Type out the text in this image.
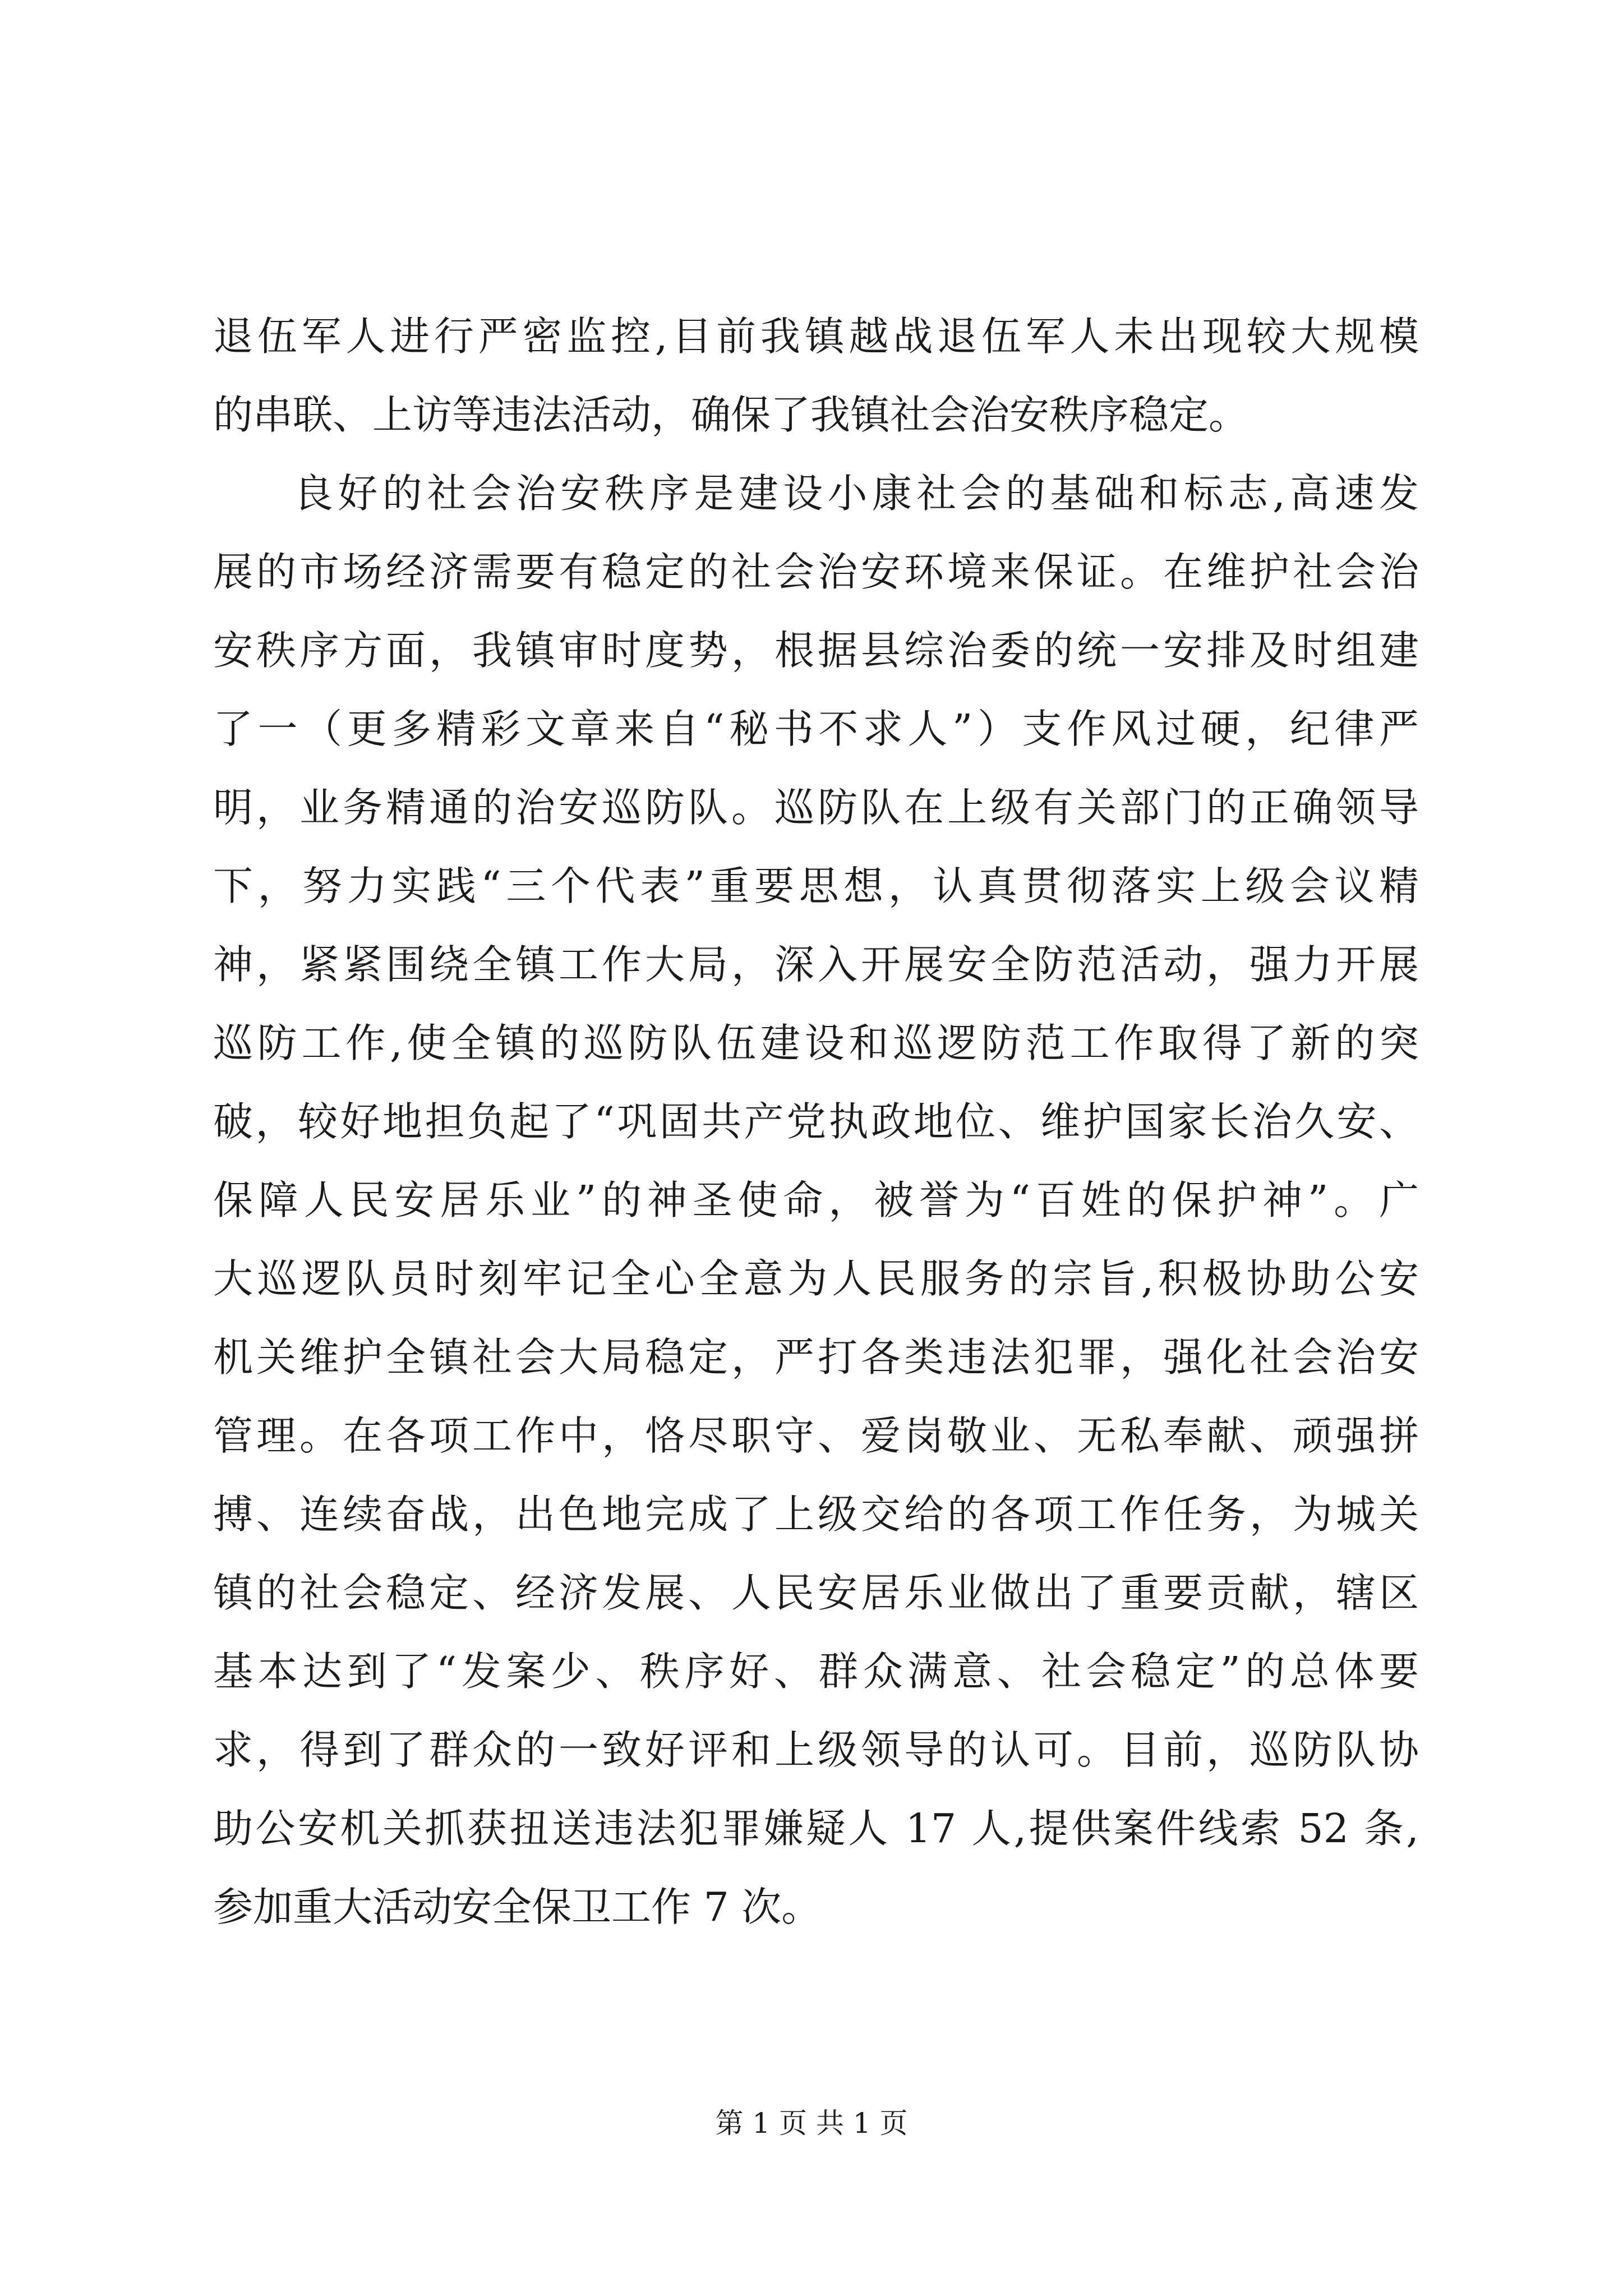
退伍军人进行严密监控,目前我镇越战退伍军人未出现较大规模
的串联、上访等违法活动，确保了我镇社会治安秩序稳定。
良好的社会治安秩序是建设小康社会的基础和标志,高速发
展的市场经济需要有稳定的社会治安环境来保证。在维护社会治
安秩序方面，我镇审时度势，根据县综治委的统一安排及时组建
了一（更多精彩文章来自“秘书不求人”）支作风过硬，纪律严
明，业务精通的治安巡防队。巡防队在上级有关部门的正确领导
下，努力实践“三个代表”重要思想，认真贯彻落实上级会议精
神，紧紧围绕全镇工作大局，深入开展安全防范活动，强力开展
巡防工作,使全镇的巡防队伍建设和巡逻防范工作取得了新的突
破，较好地担负起了“巩固共产党执政地位、维护国家长治久安、
保障人民安居乐业”的神圣使命，被誉为“百姓的保护神”。广
大巡逻队员时刻牢记全心全意为人民服务的宗旨,积极协助公安
机关维护全镇社会大局稳定，严打各类违法犯罪，强化社会治安
管理。在各项工作中，恪尽职守、爱岗敬业、无私奉献、顽强拼
搏、连续奋战，出色地完成了上级交给的各项工作任务，为城关
镇的社会稳定、经济发展、人民安居乐业做出了重要贡献，辖区
基本达到了“发案少、秩序好、群众满意、社会稳定”的总体要
求，得到了群众的一致好评和上级领导的认可。目前，巡防队协
助公安机关抓获扭送违法犯罪嫌疑人 17 人,提供案件线索 52 条,
参加重大活动安全保卫工作 7 次。
第 1 页 共 1 页
